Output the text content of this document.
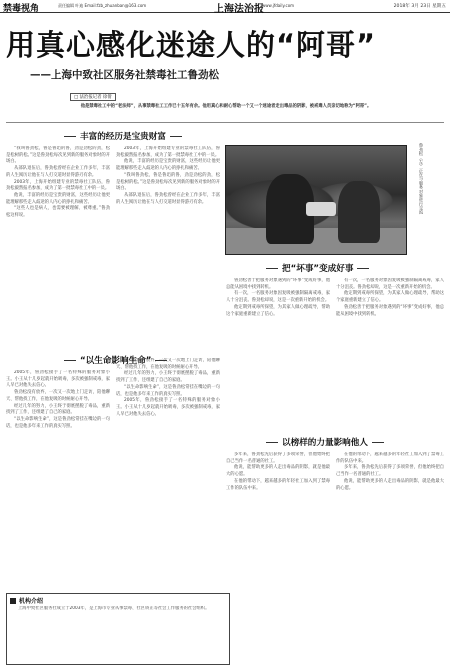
禁毒视角	责任编辑 叶迪 Email:fzb_zhuanban@163.com	上海法治报
www.jfdaily.com	2018年 3月 23日 星期五
用真心感化迷途人的“阿哥”
——上海中致社区服务社禁毒社工鲁劲松
□ 法治报记者 徐倩
他是禁毒社工中的“老法师”，从事禁毒社工工作已十五年有余。他用真心和耐心帮助一个又一个迷途者走出毒品的阴影，被戒毒人员亲切地称为“阿哥”。
丰富的经历是宝贵财富

“我叫鲁劲松，鲁是鲁迅的鲁，劲是劲松的劲，松是松树的松。”这是鲁劲松每次见到新的服务对象时的开场白。

从部队退伍后，鲁劲松曾经在企业工作多年，丰富的人生阅历让他在与人打交道时显得游刃有余。

2003年，上海开始组建专业的禁毒社工队伍，鲁劲松毅然报名参加，成为了第一批禁毒社工中的一员。

他说，丰富的经历是宝贵的财富，这些经历让他更能理解那些走入歧途的人内心的挣扎和痛苦。

“这些人也是病人，也需要被理解、被尊重。”鲁劲松这样说。

2003年，上海开始组建专业的禁毒社工队伍，鲁劲松毅然报名参加，成为了第一批禁毒社工中的一员。

他说，丰富的经历是宝贵的财富，这些经历让他更能理解那些走入歧途的人内心的挣扎和痛苦。

“我叫鲁劲松，鲁是鲁迅的鲁，劲是劲松的劲，松是松树的松。”这是鲁劲松每次见到新的服务对象时的开场白。

从部队退伍后，鲁劲松曾经在企业工作多年，丰富的人生阅历让他在与人打交道时显得游刃有余。	鲁劲松（左）正在与服务对象进行交流
“以生命影响生命”

2005年，鲁劲松接手了一名特殊的服务对象小王。小王从十几岁起就开始吸毒，多次被强制戒毒，家人早已对他失去信心。

鲁劲松没有放弃，一次又一次地上门走访，陪他聊天、帮他找工作，在他复吸的时候耐心开导。

经过几年的努力，小王终于彻底摆脱了毒品，重新找到了工作，还组建了自己的家庭。

“以生命影响生命”，这是鲁劲松常挂在嘴边的一句话，也是他多年来工作的真实写照。

鲁劲松没有放弃，一次又一次地上门走访，陪他聊天、帮他找工作，在他复吸的时候耐心开导。

经过几年的努力，小王终于彻底摆脱了毒品，重新找到了工作，还组建了自己的家庭。

“以生命影响生命”，这是鲁劲松常挂在嘴边的一句话，也是他多年来工作的真实写照。

2005年，鲁劲松接手了一名特殊的服务对象小王。小王从十几岁起就开始吸毒，多次被强制戒毒，家人早已对他失去信心。

把“坏事”变成好事

鲁劲松善于把服务对象遇到的“坏事”变成好事，他总能从困境中找到转机。

有一次，一名服务对象因复吸被强制隔离戒毒，家人十分沮丧。鲁劲松却说，这是一次重新开始的机会。

他定期到戒毒所探望，为其家人做心理疏导，帮助这个家庭重新建立了信心。

有一次，一名服务对象因复吸被强制隔离戒毒，家人十分沮丧。鲁劲松却说，这是一次重新开始的机会。

他定期到戒毒所探望，为其家人做心理疏导，帮助这个家庭重新建立了信心。

鲁劲松善于把服务对象遇到的“坏事”变成好事，他总能从困境中找到转机。

以榜样的力量影响他人

多年来，鲁劲松先后获得了多项荣誉，但他始终把自己当作一名普通的社工。

他说，能帮助更多的人走出毒品的阴影，就是他最大的心愿。

在他的带动下，越来越多的年轻社工加入到了禁毒工作的队伍中来。

在他的带动下，越来越多的年轻社工加入到了禁毒工作的队伍中来。

多年来，鲁劲松先后获得了多项荣誉，但他始终把自己当作一名普通的社工。

他说，能帮助更多的人走出毒品的阴影，就是他最大的心愿。

机构介绍
上海中致社区服务社成立于2003年，是上海市专业从事禁毒、社区矫正等社会工作服务的社会组织。
